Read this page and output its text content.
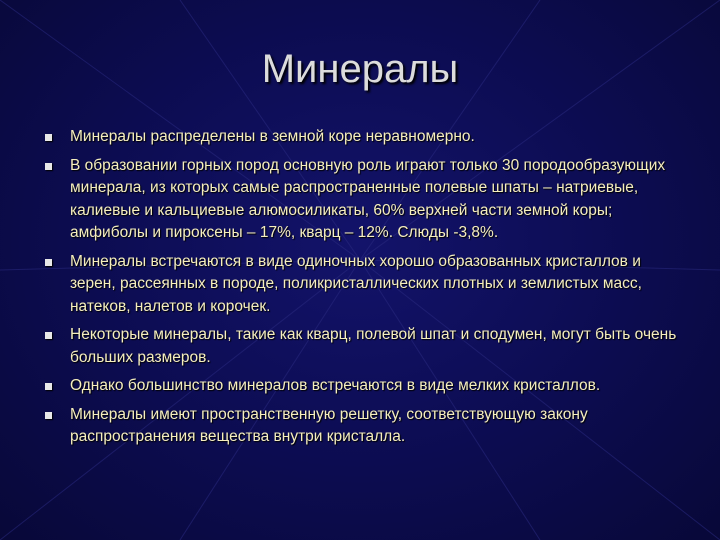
Минералы
Минералы распределены в земной коре неравномерно.
В образовании горных пород основную роль играют только 30 породообразующих минерала, из которых самые распространенные полевые шпаты – натриевые, калиевые и кальциевые алюмосиликаты, 60% верхней части земной коры; амфиболы и пироксены – 17%, кварц – 12%. Слюды -3,8%.
Минералы встречаются в виде одиночных хорошо образованных кристаллов и зерен, рассеянных в породе, поликристаллических плотных и землистых масс, натеков, налетов и корочек.
Некоторые минералы, такие как кварц, полевой шпат и сподумен, могут быть очень больших размеров.
Однако большинство минералов встречаются в виде мелких кристаллов.
Минералы имеют пространственную решетку, соответствующую закону распространения вещества внутри кристалла.
